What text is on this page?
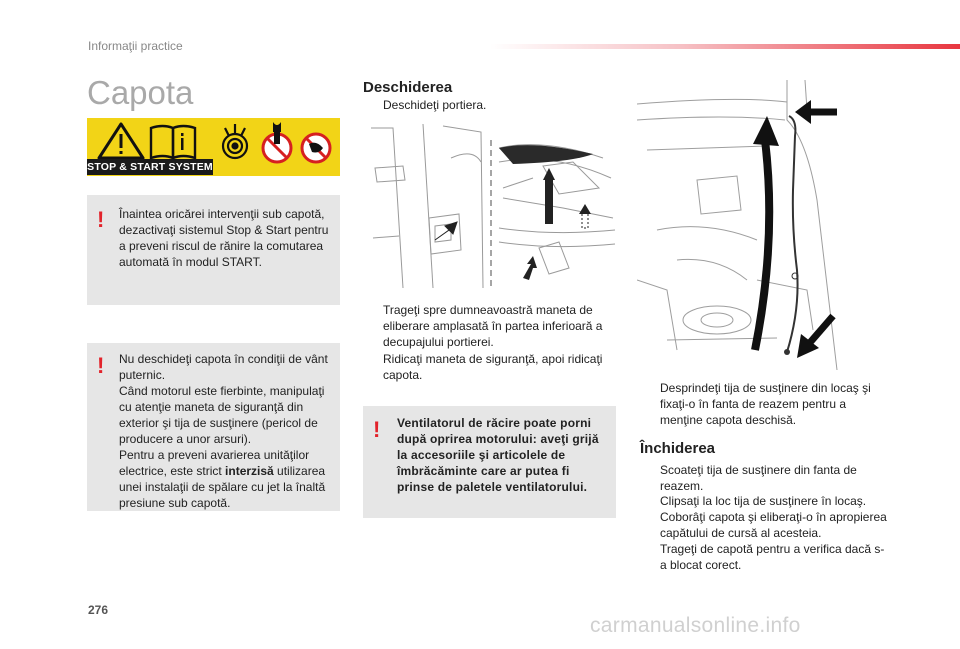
Informaţii practice
Capota
STOP & START SYSTEM
! Înaintea oricărei intervenţii sub capotă, dezactivaţi sistemul Stop & Start pentru a preveni riscul de rănire la comutarea automată în modul START.
! Nu deschideţi capota în condiţii de vânt puternic.
Când motorul este fierbinte, manipulaţi cu atenţie maneta de siguranţă din exterior şi tija de susţinere (pericol de producere a unor arsuri).
Pentru a preveni avarierea unităţilor electrice, este strict interzisă utilizarea unei instalaţii de spălare cu jet la înaltă presiune sub capotă.
Deschiderea
Deschideţi portiera.
Trageţi spre dumneavoastră maneta de eliberare amplasată în partea inferioară a decupajului portierei.
Ridicaţi maneta de siguranţă, apoi ridicaţi capota.
! Ventilatorul de răcire poate porni după oprirea motorului: aveţi grijă la accesoriile şi articolele de îmbrăcăminte care ar putea fi prinse de paletele ventilatorului.
Desprindeţi tija de susţinere din locaş şi fixaţi-o în fanta de reazem pentru a menţine capota deschisă.
Închiderea
Scoateţi tija de susţinere din fanta de reazem.
Clipsaţi la loc tija de susţinere în locaş.
Coborâţi capota şi eliberaţi-o în apropierea capătului de cursă al acesteia.
Trageţi de capotă pentru a verifica dacă s-a blocat corect.
276
carmanualsonline.info
